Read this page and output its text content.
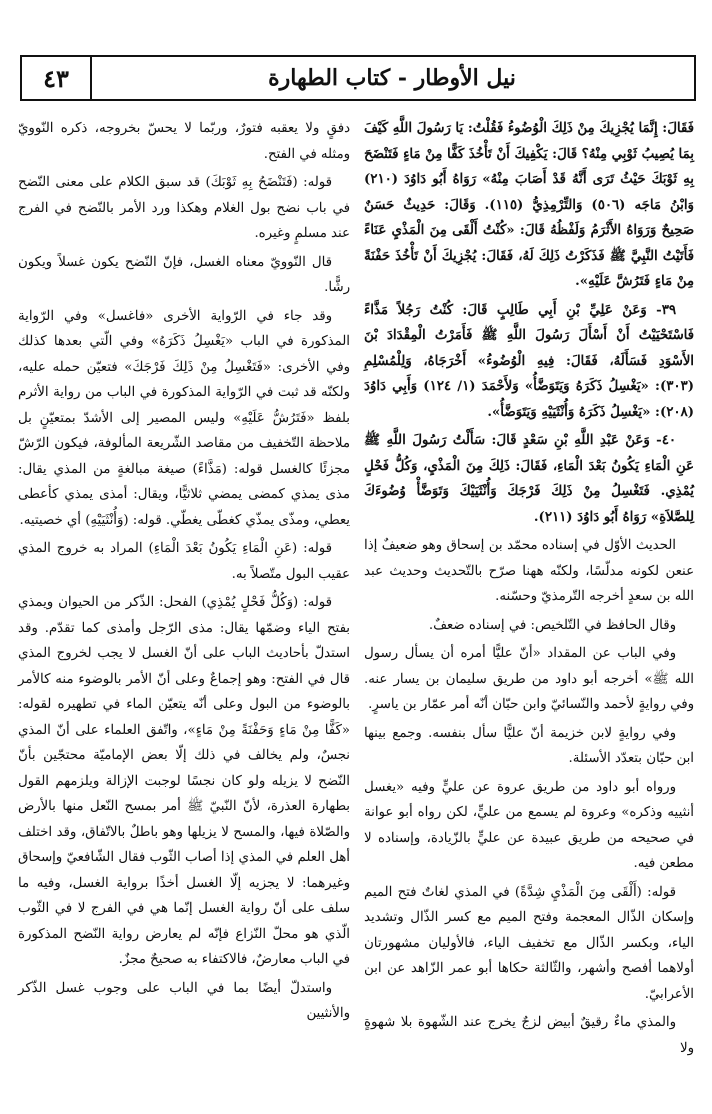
٤٣	نيل الأوطار - كتاب الطهارة

فَقَالَ: إِنَّمَا يُجْزِيكَ مِنْ ذَلِكَ الْوُضُوءُ فَقُلْتُ: يَا رَسُولَ اللَّهِ كَيْفَ بِمَا يُصِيبُ ثَوْبِي مِنْهُ؟ قَالَ: يَكْفِيكَ أَنْ تَأْخُذَ كَفًّا مِنْ مَاءٍ فَتَنْضَحَ بِهِ ثَوْبَكَ حَيْثُ تَرَى أَنَّهُ قَدْ أَصَابَ مِنْهُ» رَوَاهُ أَبُو دَاوُدَ (٢١٠) وَابْنُ مَاجَه (٥٠٦) وَالتِّرْمِذِيُّ (١١٥). وَقَالَ: حَدِيثٌ حَسَنٌ صَحِيحٌ وَرَوَاهُ الأَثْرَمُ وَلَفْظُهُ قَالَ: «كُنْتُ أَلْقَى مِنَ الْمَذْيِ عَنَاءً فَأَتَيْتُ النَّبِيَّ ﷺ فَذَكَرْتُ ذَلِكَ لَهُ، فَقَالَ: يُجْزِيكَ أَنْ تَأْخُذَ حَفْنَةً مِنْ مَاءٍ فَتَرُشَّ عَلَيْهِ».

٣٩- وَعَنْ عَلِيِّ بْنِ أَبِي طَالِبٍ قَالَ: كُنْتُ رَجُلاً مَذَّاءً فَاسْتَحْيَيْتُ أَنْ أَسْأَلَ رَسُولَ اللَّهِ ﷺ فَأَمَرْتُ الْمِقْدَادَ بْنَ الأَسْوَدِ فَسَأَلَهُ، فَقَالَ: فِيهِ الْوُضُوءُ» أَخْرَجَاهُ، وَلِلْمُسْلِمِ (٣٠٣): «يَغْسِلُ ذَكَرَهُ وَيَتَوَضَّأُ» وَلأَحْمَدَ (١/ ١٢٤) وَأَبِي دَاوُدَ (٢٠٨): «يَغْسِلُ ذَكَرَهُ وَأُنْثَيَيْهِ وَيَتَوَضَّأُ».

٤٠- وَعَنْ عَبْدِ اللَّهِ بْنِ سَعْدٍ قَالَ: سَأَلْتُ رَسُولَ اللَّهِ ﷺ عَنِ الْمَاءِ يَكُونُ بَعْدَ الْمَاءِ، فَقَالَ: ذَلِكَ مِنَ الْمَذْيِ، وَكُلُّ فَحْلٍ يُمْذِي. فَتَغْسِلُ مِنْ ذَلِكَ فَرْجَكَ وَأُنْثَيَيْكَ وَتَوَضَّأْ وُضُوءَكَ لِلصَّلاَةِ» رَوَاهُ أَبُو دَاوُدَ (٢١١).

الحديث الأوّل في إسناده محمّد بن إسحاق وهو ضعيفٌ إذا عنعن لكونه مدلّسًا، ولكنّه ههنا صرّح بالتّحديث وحديث عبد الله بن سعدٍ أخرجه التّرمذيّ وحسّنه.

وقال الحافظ في التّلخيص: في إسناده ضعفٌ.

وفي الباب عن المقداد «أنّ عليًّا أمره أن يسأل رسول الله ﷺ» أخرجه أبو داود من طريق سليمان بن يسار عنه. وفي روايةٍ لأحمد والنّسائيّ وابن حبّان أنّه أمر عمّار بن ياسرٍ.

وفي روايةٍ لابن خزيمة أنّ عليًّا سأل بنفسه. وجمع بينها ابن حبّان بتعدّد الأسئلة.

ورواه أبو داود من طريق عروة عن عليٍّ وفيه «يغسل أنثييه وذكره» وعروة لم يسمع من عليٍّ، لكن رواه أبو عوانة في صحيحه من طريق عبيدة عن عليٍّ بالزّيادة، وإسناده لا مطعن فيه.

قوله: (أَلْقَى مِنَ الْمَذْيِ شِدَّةً) في المذي لغاتٌ فتح الميم وإسكان الذّال المعجمة وفتح الميم مع كسر الذّال وتشديد الياء، وبكسر الذّال مع تخفيف الياء، فالأوليان مشهورتان أولاهما أفصح وأشهر، والثّالثة حكاها أبو عمر الزّاهد عن ابن الأعرابيّ.

والمذي ماءٌ رقيقٌ أبيض لزجٌ يخرج عند الشّهوة بلا شهوةٍ ولا

دفقٍ ولا يعقبه فتورٌ، وربّما لا يحسّ بخروجه، ذكره النّوويّ ومثله في الفتح.

قوله: (فَتَنْضَحُ بِهِ ثَوْبَكَ) قد سبق الكلام على معنى النّضح في باب نضح بول الغلام وهكذا ورد الأمر بالنّضح في الفرج عند مسلمٍ وغيره.

قال النّوويّ معناه الغسل، فإنّ النّضح يكون غسلاً ويكون رشًّا.

وقد جاء في الرّواية الأخرى «فاغسل» وفي الرّواية المذكورة في الباب «يَغْسِلُ ذَكَرَهُ» وفي الّتي بعدها كذلك وفي الأخرى: «فَتَغْسِلُ مِنْ ذَلِكَ فَرْجَكَ» فتعيّن حمله عليه، ولكنّه قد ثبت في الرّواية المذكورة في الباب من رواية الأثرم بلفظ «فَتَرُشُّ عَلَيْهِ» وليس المصير إلى الأشدّ بمتعيّنٍ بل ملاحظة التّخفيف من مقاصد الشّريعة المألوفة، فيكون الرّشّ مجزئًا كالغسل قوله: (مَذَّاءً) صيغة مبالغةٍ من المذي يقال: مذى يمذي كمضى يمضي ثلاثيًّا، ويقال: أمذى يمذي كأعطى يعطي، ومذّى يمذّي كغطّى يغطّي. قوله: (وَأُنْثَيَيْهِ) أي خصيتيه.

قوله: (عَنِ الْمَاءِ يَكُونُ بَعْدَ الْمَاءِ) المراد به خروج المذي عقيب البول متّصلاً به.

قوله: (وَكُلُّ فَحْلٍ يُمْذِي) الفحل: الذّكر من الحيوان ويمذي بفتح الياء وضمّها يقال: مذى الرّجل وأمذى كما تقدّم. وقد استدلّ بأحاديث الباب على أنّ الغسل لا يجب لخروج المذي قال في الفتح: وهو إجماعٌ وعلى أنّ الأمر بالوضوء منه كالأمر بالوضوء من البول وعلى أنّه يتعيّن الماء في تطهيره لقوله: «كَفًّا مِنْ مَاءٍ وَحَفْنَةً مِنْ مَاءٍ»، واتّفق العلماء على أنّ المذي نجسٌ، ولم يخالف في ذلك إلّا بعض الإماميّة محتجّين بأنّ النّضح لا يزيله ولو كان نجسًا لوجبت الإزالة ويلزمهم القول بطهارة العذرة، لأنّ النّبيّ ﷺ أمر بمسح النّعل منها بالأرض والصّلاة فيها، والمسح لا يزيلها وهو باطلٌ بالاتّفاق، وقد اختلف أهل العلم في المذي إذا أصاب الثّوب فقال الشّافعيّ وإسحاق وغيرهما: لا يجزيه إلّا الغسل أخذًا برواية الغسل، وفيه ما سلف على أنّ رواية الغسل إنّما هي في الفرج لا في الثّوب الّذي هو محلّ النّزاع فإنّه لم يعارض رواية النّضح المذكورة في الباب معارضٌ، فالاكتفاء به صحيحٌ مجزٌ.

واستدلّ أيضًا بما في الباب على وجوب غسل الذّكر والأنثيين
